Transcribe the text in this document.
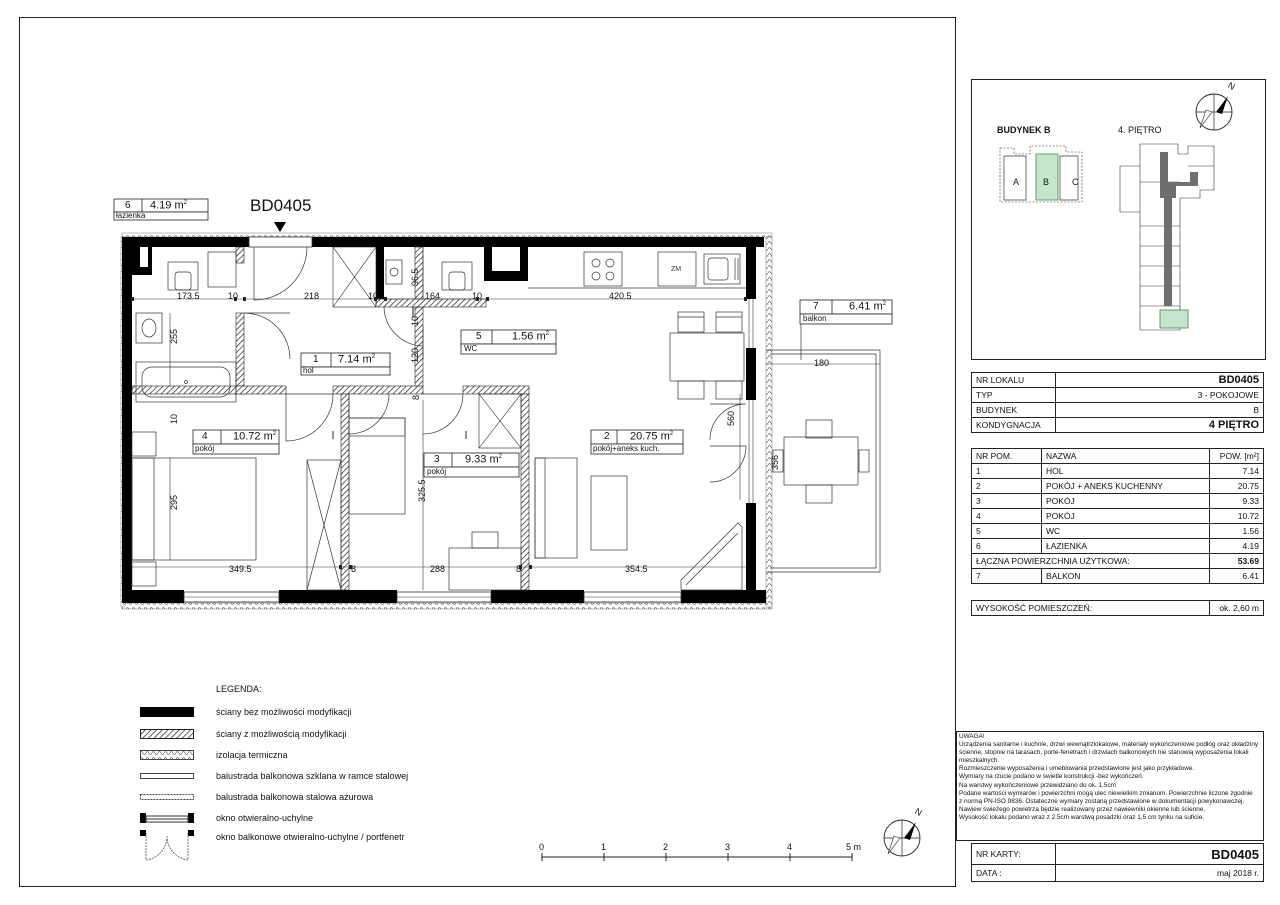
ZM
BD0405
6 4.19 $m^2$
łazienka
1 7.14 $m^2$
hol
5	1.56 $m^2$
WC
4 10.72 $m^2$
pokój
2 20.75 $m^2$
pokój+aneks kuch.
3 9.33 $m^2$
pokój
7	6.41 $m^2$
balkon
173.5	10	218	10	164	10	420.5
96.5
10
120
255
10
8
295
325.5
349.5	8	288	8	354.5
560
356
180
LEGENDA:
ściany bez możliwości modyfikacji
ściany z możliwością modyfikacji
izolacja termiczna
balustrada balkonowa szklana w ramce stalowej
balustrada balkonowa stalowa ażurowa
okno otwieralno-uchylne
okno balkonowe otwieralno-uchylne / portfenetr
0	1	2	3	4	5 m
N
N
BUDYNEK B	4. PIĘTRO
A	B	C
NR LOKALU	BD0405
TYP	3 - POKOJOWE
BUDYNEK	B
KONDYGNACJA	4 PIĘTRO
NR POM.	NAZWA	POW. [m²]
1	HOL	7.14
2	POKÓJ + ANEKS KUCHENNY	20.75
3	POKÓJ	9.33
4	POKÓJ	10.72
5	WC	1.56
6	ŁAZIENKA	4.19
ŁĄCZNA POWIERZCHNIA UŻYTKOWA:		53.69
7	BALKON	6.41
WYSOKOŚĆ POMIESZCZEŃ:	ok. 2,60 m
UWAGA!
Urządzenia sanitarne i kuchnie, drzwi wewnątrzlokalowe, materiały wykończeniowe podłóg oraz okładziny
ścienne, stopnie na tarasach, porte-fenetrach i drzwiach balkonowych nie stanowią wyposażenia lokali
mieszkalnych.
Rozmieszczenie wyposażenia i umeblowania przedstawione jest jako przykładowe.
Wymiary na rzucie podano w świetle konstrukcji -bez wykończeń.
Na warstwy wykończeniowe przewidziano do ok. 1.5cm
Podane wartości wymiarów i powierzchni mogą ulec niewielkim zmianom. Powierzchnie liczone zgodnie
z normą PN-ISO 9836. Ostateczne wymiary zostaną przedstawione w dokumentacji powykonawczej.
Nawiew świeżego powietrza będzie realizowany przez nawiewniki okienne lub ścienne.
Wysokość lokalu podano wraz z 2.5cm warstwą posadzki oraz 1,5 cm tynku na suficie.
NR KARTY:	BD0405
DATA :	maj 2018 r.
